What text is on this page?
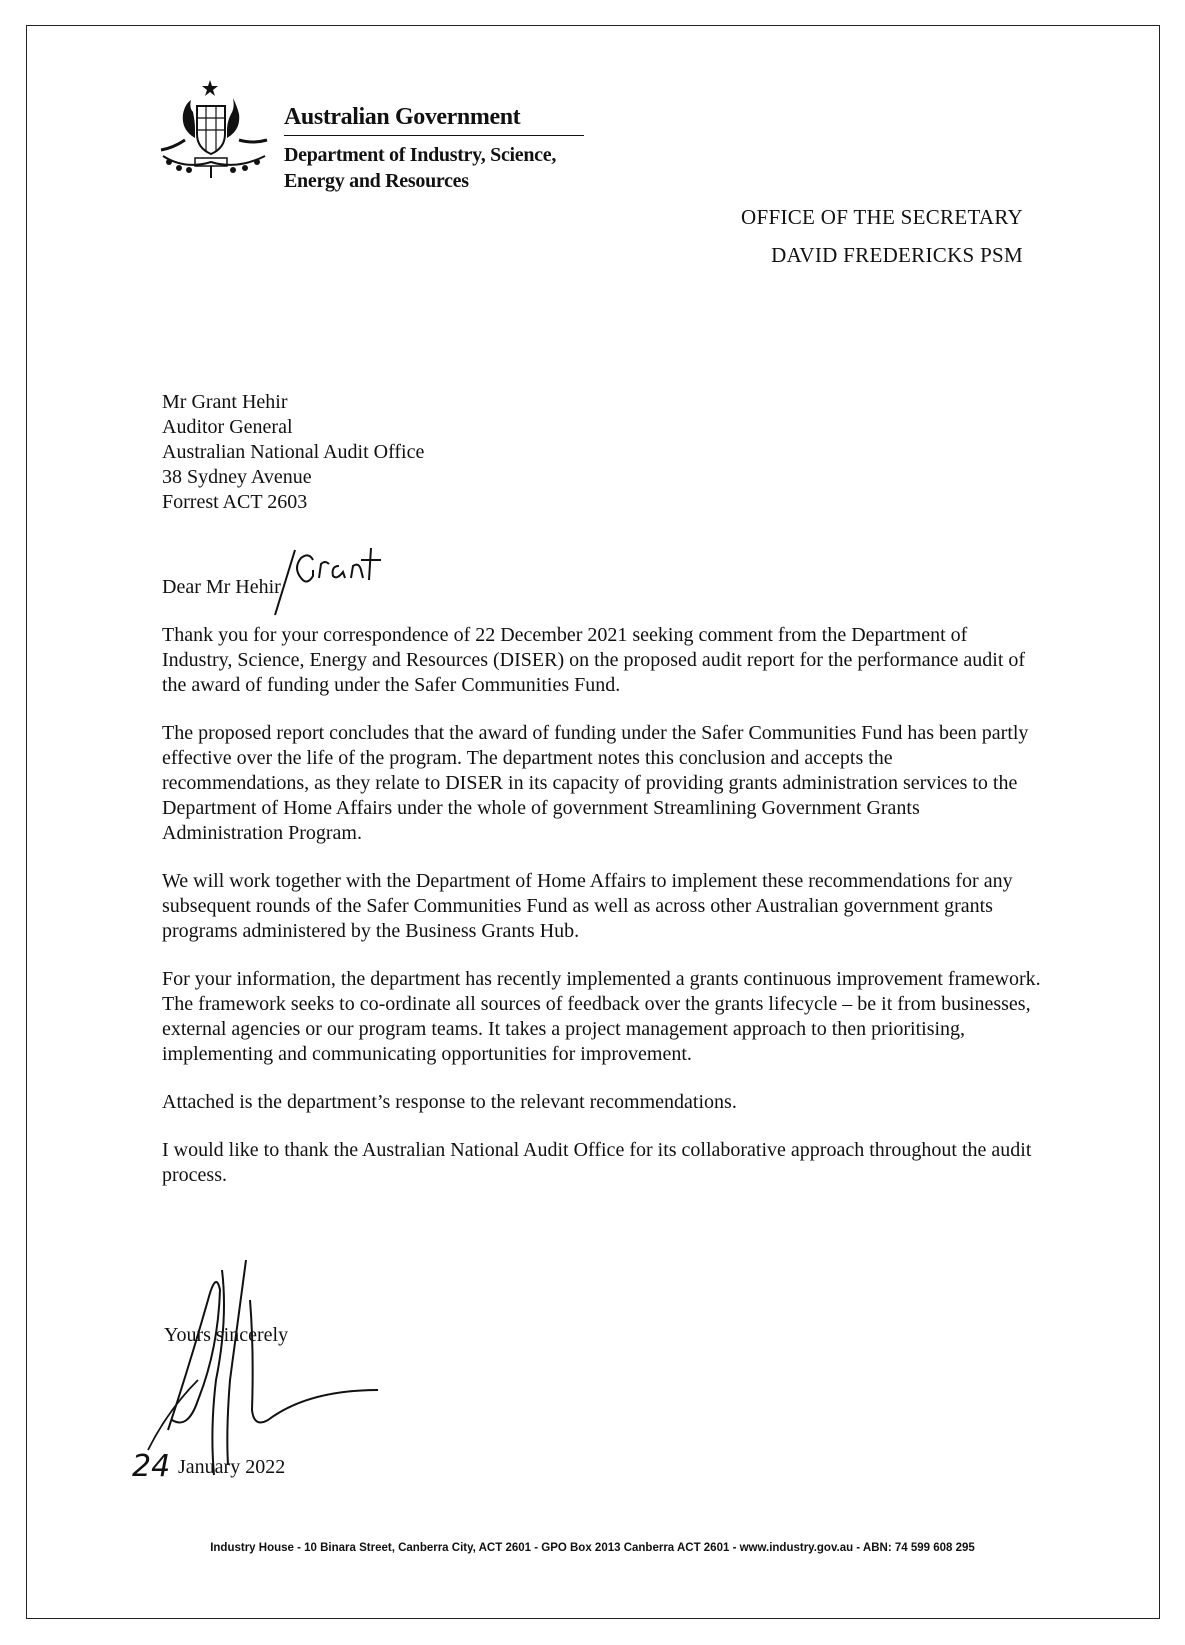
Australian Government
Department of Industry, Science,
Energy and Resources
OFFICE OF THE SECRETARY
DAVID FREDERICKS PSM
Mr Grant Hehir
Auditor General
Australian National Audit Office
38 Sydney Avenue
Forrest ACT 2603
Dear Mr Hehir

Thank you for your correspondence of 22 December 2021 seeking comment from the Department of Industry, Science, Energy and Resources (DISER) on the proposed audit report for the performance audit of the award of funding under the Safer Communities Fund.

The proposed report concludes that the award of funding under the Safer Communities Fund has been partly effective over the life of the program. The department notes this conclusion and accepts the recommendations, as they relate to DISER in its capacity of providing grants administration services to the Department of Home Affairs under the whole of government Streamlining Government Grants Administration Program.

We will work together with the Department of Home Affairs to implement these recommendations for any subsequent rounds of the Safer Communities Fund as well as across other Australian government grants programs administered by the Business Grants Hub.

For your information, the department has recently implemented a grants continuous improvement framework. The framework seeks to co-ordinate all sources of feedback over the grants lifecycle – be it from businesses, external agencies or our program teams. It takes a project management approach to then prioritising, implementing and communicating opportunities for improvement.

Attached is the department’s response to the relevant recommendations.

I would like to thank the Australian National Audit Office for its collaborative approach throughout the audit process.

Yours sincerely
24 January 2022
Industry House - 10 Binara Street, Canberra City, ACT 2601 - GPO Box 2013 Canberra ACT 2601 - www.industry.gov.au - ABN: 74 599 608 295
